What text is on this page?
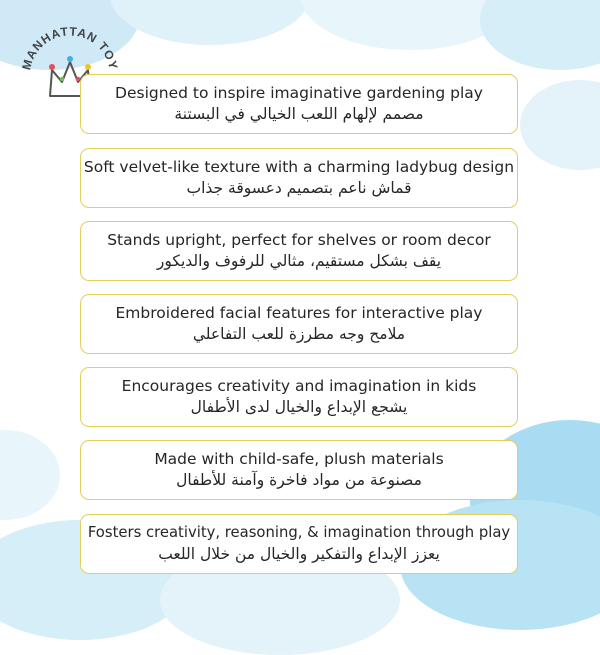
MANHATTAN TOY
Designed to inspire imaginative gardening play
مصمم لإلهام اللعب الخيالي في البستنة
Soft velvet-like texture with a charming ladybug design
قماش ناعم بتصميم دعسوقة جذاب
Stands upright, perfect for shelves or room decor
يقف بشكل مستقيم، مثالي للرفوف والديكور
Embroidered facial features for interactive play
ملامح وجه مطرزة للعب التفاعلي
Encourages creativity and imagination in kids
يشجع الإبداع والخيال لدى الأطفال
Made with child-safe, plush materials
مصنوعة من مواد فاخرة وآمنة للأطفال
Fosters creativity, reasoning, & imagination through play
يعزز الإبداع والتفكير والخيال من خلال اللعب
